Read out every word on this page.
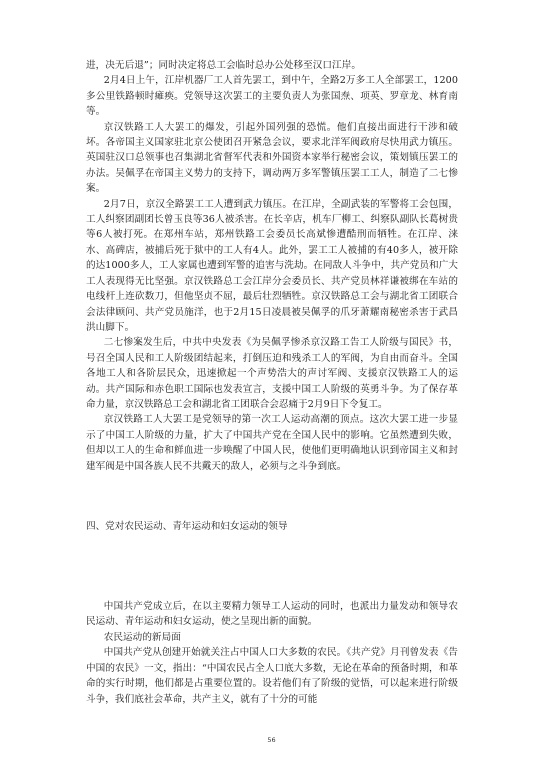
进，决无后退”；同时决定将总工会临时总办公处移至汉口江岸。

2月4日上午，江岸机器厂工人首先罢工，到中午，全路2万多工人全部罢工，1200多公里铁路顿时瘫痪。党领导这次罢工的主要负责人为张国焘、项英、罗章龙、林育南等。

京汉铁路工人大罢工的爆发，引起外国列强的恐慌。他们直接出面进行干涉和破坏。各帝国主义国家驻北京公使团召开紧急会议，要求北洋军阀政府尽快用武力镇压。英国驻汉口总领事也召集湖北省督军代表和外国资本家举行秘密会议，策划镇压罢工的办法。吴佩孚在帝国主义势力的支持下，调动两万多军警镇压罢工工人，制造了二七惨案。

2月7日，京汉全路罢工工人遭到武力镇压。在江岸，全副武装的军警将工会包围，工人纠察团副团长曾玉良等36人被杀害。在长辛店，机车厂柳工、纠察队副队长葛树贵等6人被打死。在郑州车站，郑州铁路工会委员长高斌惨遭酷刑而牺牲。在江岸、涞水、高碑店，被捕后死于狱中的工人有4人。此外，罢工工人被捕的有40多人，被开除的达1000多人，工人家属也遭到军警的追害与洗劫。在同敌人斗争中，共产党员和广大工人表现得无比坚强。京汉铁路总工会江岸分会委员长、共产党员林祥谦被绑在车站的电线杆上连砍数刀，但他坚贞不屈，最后壮烈牺牲。京汉铁路总工会与湖北省工团联合会法律顾问、共产党员施洋，也于2月15日凌晨被吴佩孚的爪牙萧耀南秘密杀害于武昌洪山脚下。

二七惨案发生后，中共中央发表《为吴佩孚惨杀京汉路工告工人阶级与国民》书，号召全国人民和工人阶级团结起来，打倒压迫和残杀工人的军阀，为自由而奋斗。全国各地工人和各阶层民众，迅速掀起一个声势浩大的声讨军阀、支援京汉铁路工人的运动。共产国际和赤色职工国际也发表宣言，支援中国工人阶级的英勇斗争。为了保存革命力量，京汉铁路总工会和湖北省工团联合会忍痛于2月9日下令复工。

京汉铁路工人大罢工是党领导的第一次工人运动高潮的顶点。这次大罢工进一步显示了中国工人阶级的力量，扩大了中国共产党在全国人民中的影响。它虽然遭到失败，但却以工人的生命和鲜血进一步唤醒了中国人民，使他们更明确地认识到帝国主义和封建军阀是中国各族人民不共戴天的敌人，必须与之斗争到底。

四、党对农民运动、青年运动和妇女运动的领导

中国共产党成立后，在以主要精力领导工人运动的同时，也派出力量发动和领导农民运动、青年运动和妇女运动，使之呈现出新的面貌。

农民运动的新局面

中国共产党从创建开始就关注占中国人口大多数的农民。《共产党》月刊曾发表《告中国的农民》一文，指出：“中国农民占全人口底大多数，无论在革命的预备时期，和革命的实行时期，他们都是占重要位置的。设若他们有了阶级的觉悟，可以起来进行阶级斗争，我们底社会革命，共产主义，就有了十分的可能

56
